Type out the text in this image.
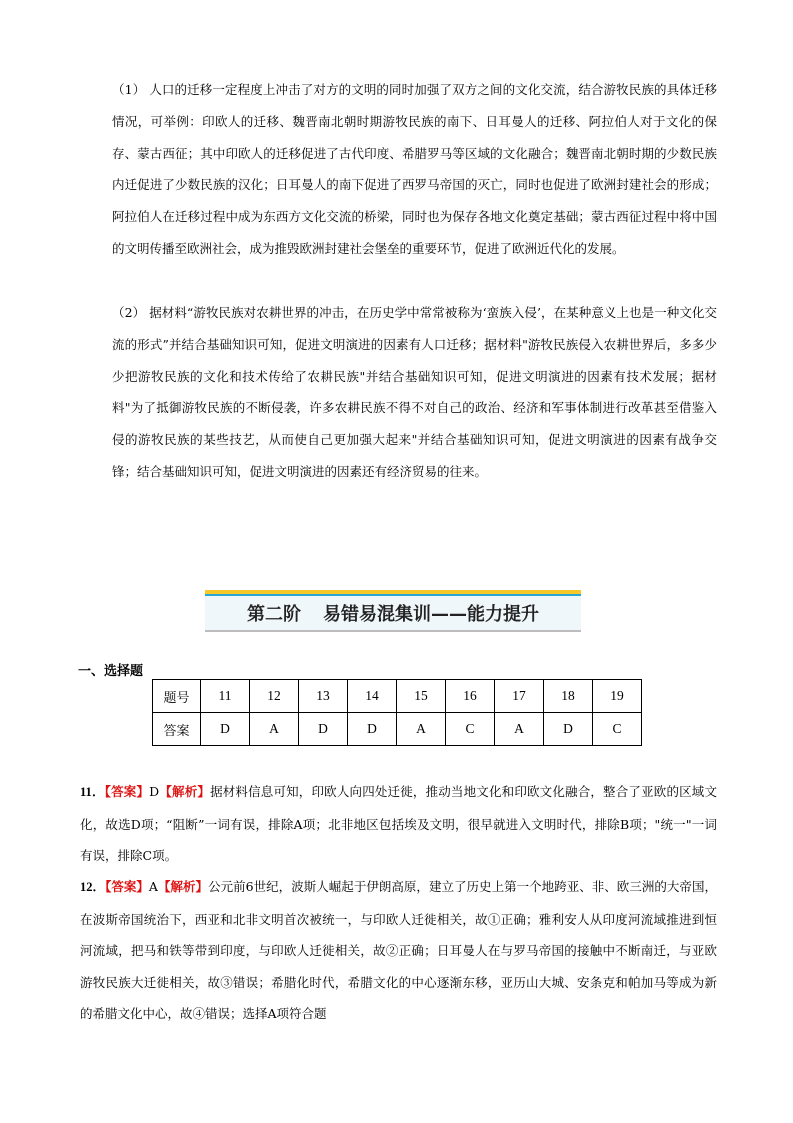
（1） 人口的迁移一定程度上冲击了对方的文明的同时加强了双方之间的文化交流，结合游牧民族的具体迁移情况，可举例：印欧人的迁移、魏晋南北朝时期游牧民族的南下、日耳曼人的迁移、阿拉伯人对于文化的保存、蒙古西征；其中印欧人的迁移促进了古代印度、希腊罗马等区域的文化融合；魏晋南北朝时期的少数民族内迁促进了少数民族的汉化；日耳曼人的南下促进了西罗马帝国的灭亡，同时也促进了欧洲封建社会的形成；阿拉伯人在迁移过程中成为东西方文化交流的桥梁，同时也为保存各地文化奠定基础；蒙古西征过程中将中国的文明传播至欧洲社会，成为推毁欧洲封建社会堡垒的重要环节，促进了欧洲近代化的发展。
（2） 据材料“游牧民族对农耕世界的冲击，在历史学中常常被称为‘蛮族入侵’，在某种意义上也是一种文化交流的形式”并结合基础知识可知，促进文明演进的因素有人口迁移；据材料"游牧民族侵入农耕世界后，多多少少把游牧民族的文化和技术传给了农耕民族"并结合基础知识可知，促进文明演进的因素有技术发展；据材料"为了抵御游牧民族的不断侵袭，许多农耕民族不得不对自己的政治、经济和军事体制进行改革甚至借鉴入侵的游牧民族的某些技艺，从而使自己更加强大起来"并结合基础知识可知，促进文明演进的因素有战争交锋；结合基础知识可知，促进文明演进的因素还有经济贸易的往来。
第二阶 易错易混集训——能力提升
一、选择题
题号	11	12	13	14	15	16	17	18	19
答案	D	A	D	D	A	C	A	D	C
11．【答案】D【解析】据材料信息可知，印欧人向四处迁徙，推动当地文化和印欧文化融合，整合了亚欧的区域文化，故选D项；“阻断”一词有误，排除A项；北非地区包括埃及文明，很早就进入文明时代，排除B项；"统一"一词有误，排除C项。
12．【答案】A【解析】公元前6世纪，波斯人崛起于伊朗高原，建立了历史上第一个地跨亚、非、欧三洲的大帝国，在波斯帝国统治下，西亚和北非文明首次被统一，与印欧人迁徙相关，故①正确；雅利安人从印度河流域推进到恒河流域，把马和铁等带到印度，与印欧人迁徙相关，故②正确；日耳曼人在与罗马帝国的接触中不断南迁，与亚欧游牧民族大迁徙相关，故③错误；希腊化时代，希腊文化的中心逐渐东移，亚历山大城、安条克和帕加马等成为新的希腊文化中心，故④错误；选择A项符合题
